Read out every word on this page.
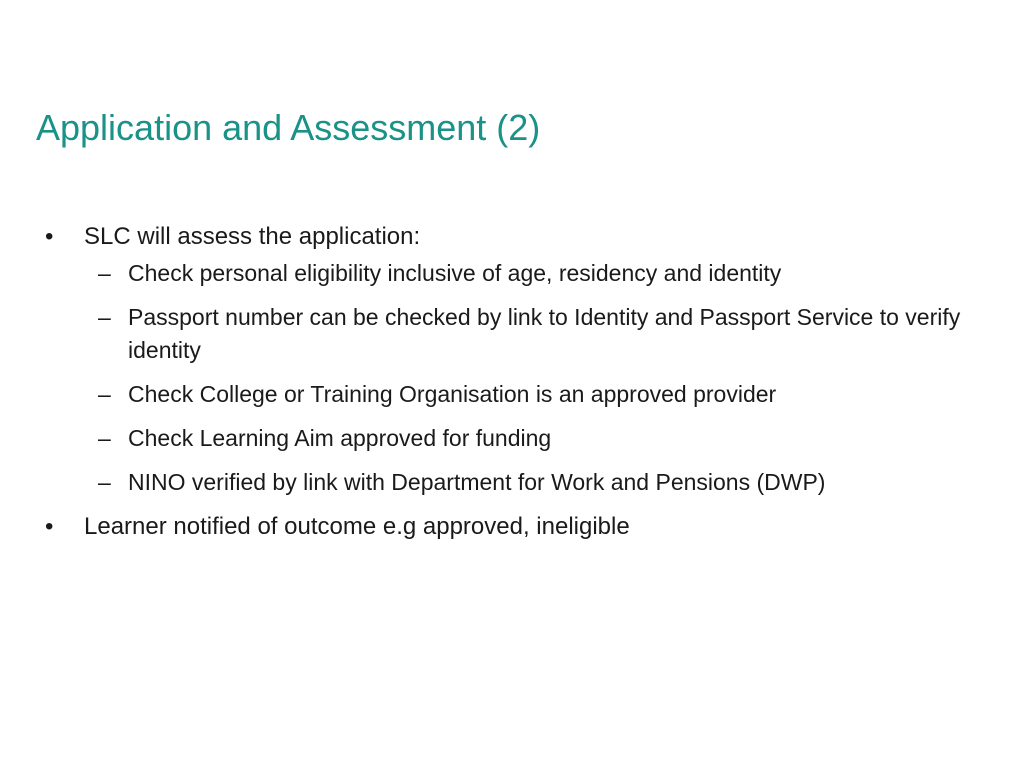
Application and Assessment (2)
• SLC will assess the application:
– Check personal eligibility inclusive of age, residency and identity
– Passport number can be checked by link to Identity and Passport Service to verify identity
– Check College or Training Organisation is an approved provider
– Check Learning Aim approved for funding
– NINO verified by link with Department for Work and Pensions (DWP)
• Learner notified of outcome e.g approved, ineligible
